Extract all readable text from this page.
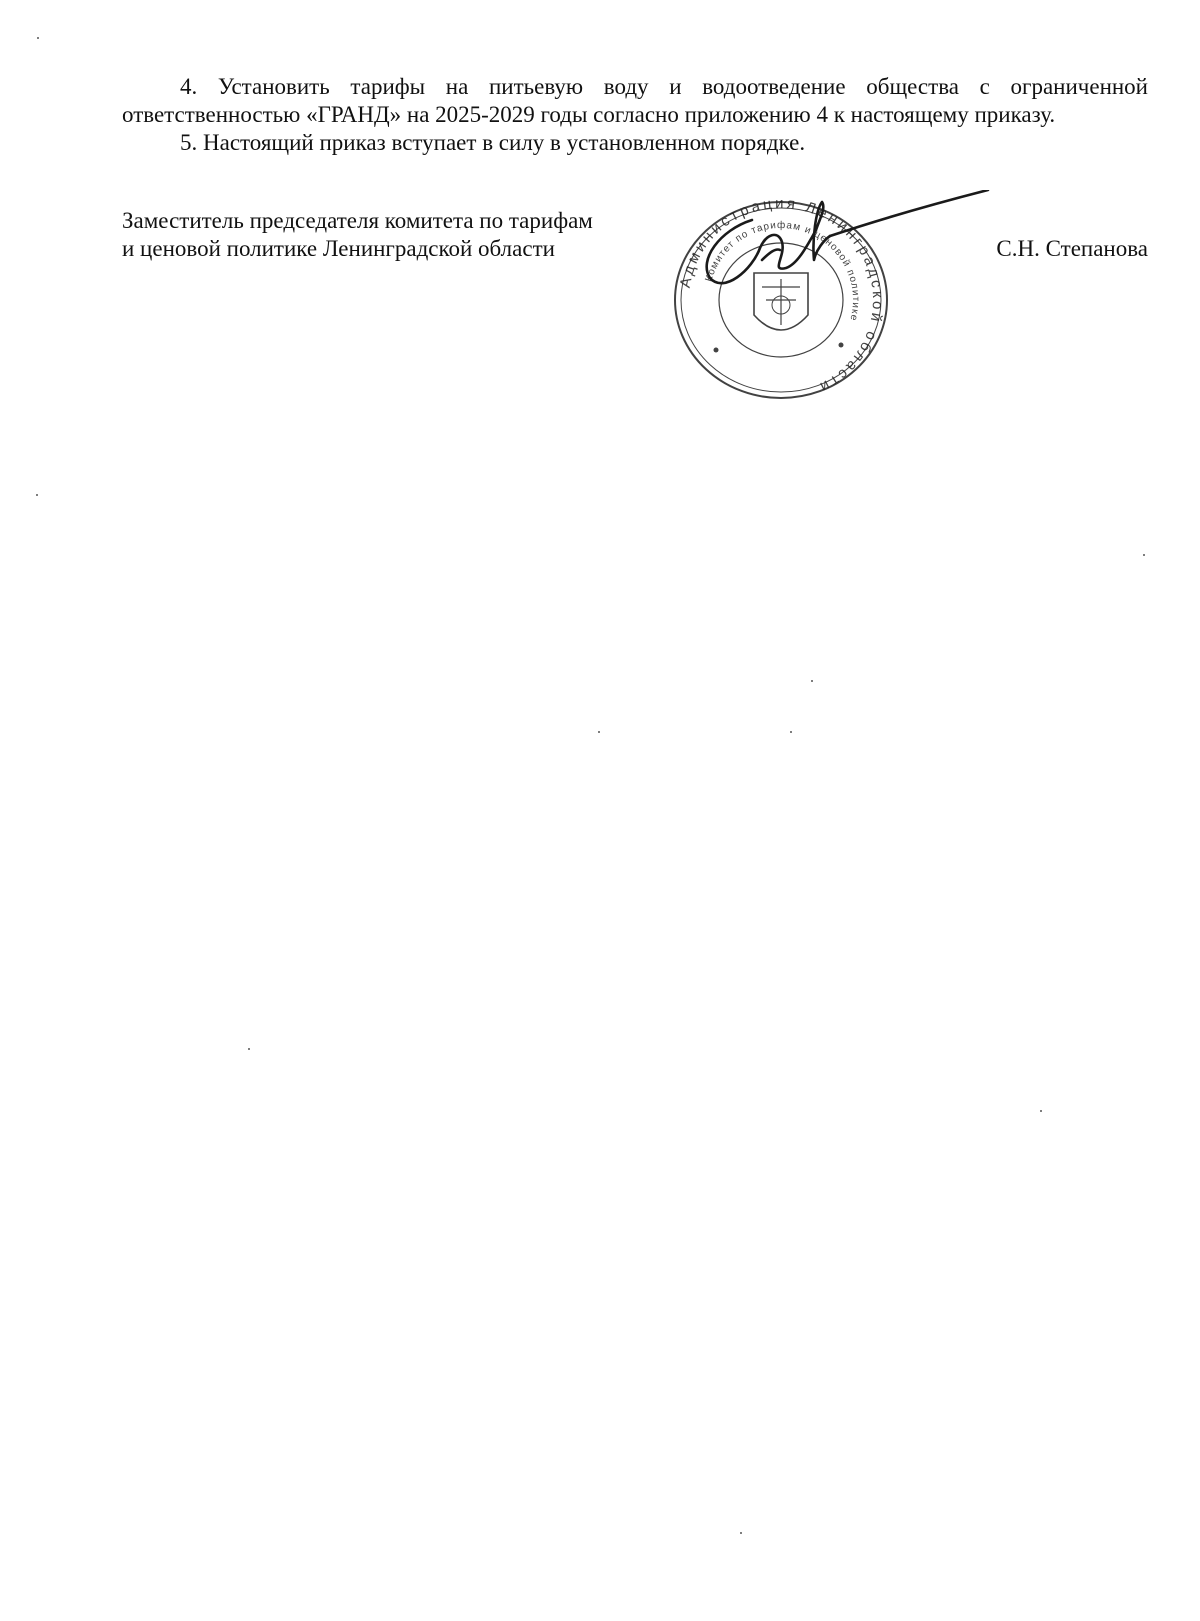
4. Установить тарифы на питьевую воду и водоотведение общества с ограниченной ответственностью «ГРАНД» на 2025-2029 годы согласно приложению 4 к настоящему приказу.

5. Настоящий приказ вступает в силу в установленном порядке.

Заместитель председателя комитета по тарифам
и ценовой политике Ленинградской области	С.Н. Степанова
Администрация Ленинградской области
Комитет по тарифам и ценовой политике
